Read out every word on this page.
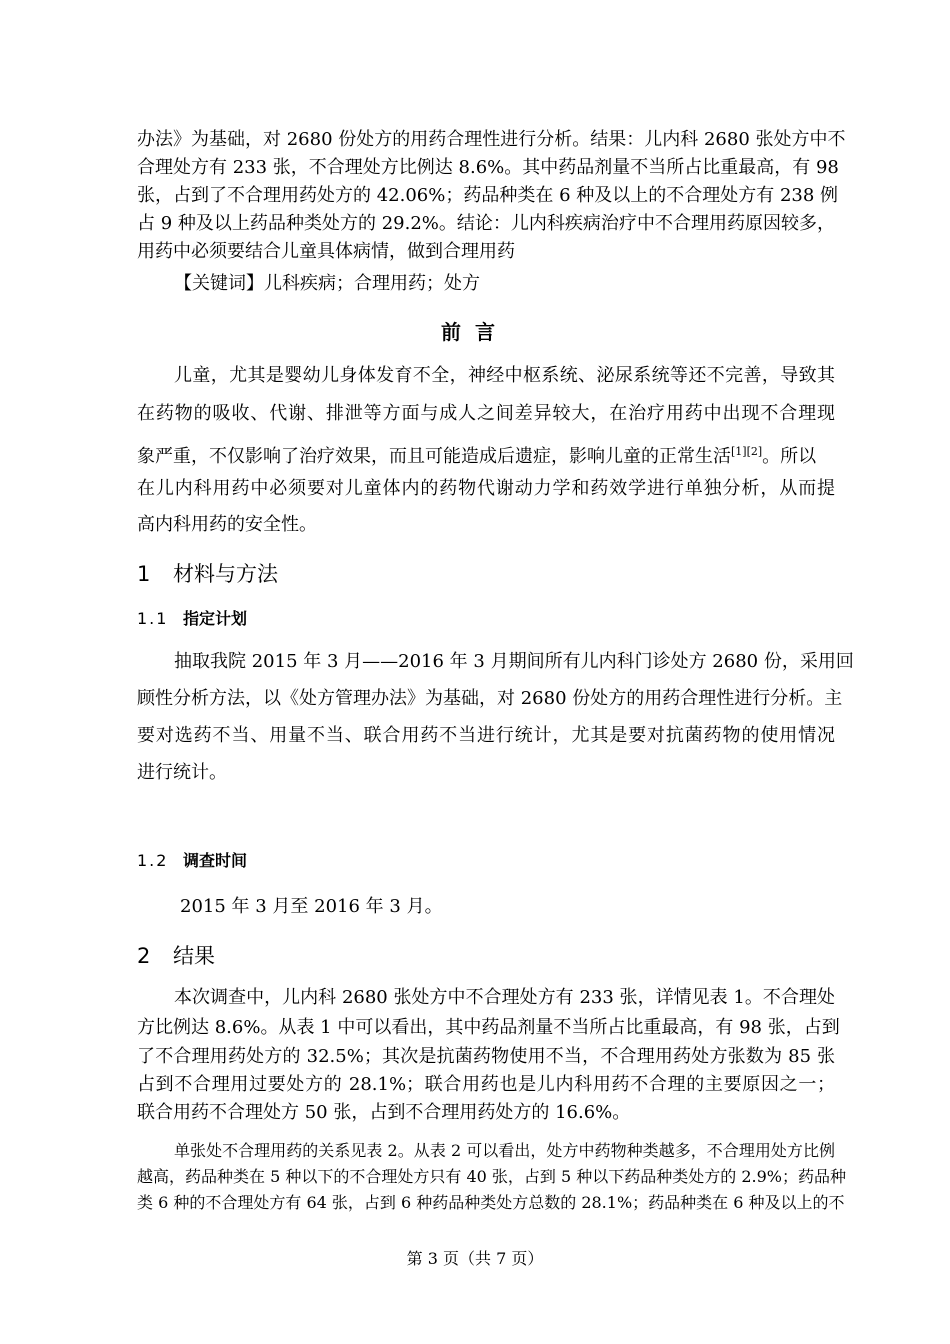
办法》为基础，对 2680 份处方的用药合理性进行分析。结果：儿内科 2680 张处方中不
合理处方有 233 张，不合理处方比例达 8.6%。其中药品剂量不当所占比重最高，有 98
张，占到了不合理用药处方的 42.06%；药品种类在 6 种及以上的不合理处方有 238 例
占 9 种及以上药品种类处方的 29.2%。结论：儿内科疾病治疗中不合理用药原因较多，
用药中必须要结合儿童具体病情，做到合理用药
【关键词】儿科疾病；合理用药；处方
前言
儿童，尤其是婴幼儿身体发育不全，神经中枢系统、泌尿系统等还不完善，导致其
在药物的吸收、代谢、排泄等方面与成人之间差异较大，在治疗用药中出现不合理现
象严重，不仅影响了治疗效果，而且可能造成后遗症，影响儿童的正常生活[1][2]。所以
在儿内科用药中必须要对儿童体内的药物代谢动力学和药效学进行单独分析，从而提
高内科用药的安全性。
1 材料与方法
1.1 指定计划
抽取我院 2015 年 3 月——2016 年 3 月期间所有儿内科门诊处方 2680 份，采用回
顾性分析方法，以《处方管理办法》为基础，对 2680 份处方的用药合理性进行分析。主
要对选药不当、用量不当、联合用药不当进行统计，尤其是要对抗菌药物的使用情况
进行统计。
1.2 调查时间
2015 年 3 月至 2016 年 3 月。
2 结果
本次调查中，儿内科 2680 张处方中不合理处方有 233 张，详情见表 1。不合理处
方比例达 8.6%。从表 1 中可以看出，其中药品剂量不当所占比重最高，有 98 张，占到
了不合理用药处方的 32.5%；其次是抗菌药物使用不当，不合理用药处方张数为 85 张
占到不合理用过要处方的 28.1%；联合用药也是儿内科用药不合理的主要原因之一；
联合用药不合理处方 50 张，占到不合理用药处方的 16.6%。
单张处不合理用药的关系见表 2。从表 2 可以看出，处方中药物种类越多，不合理用处方比例
越高，药品种类在 5 种以下的不合理处方只有 40 张，占到 5 种以下药品种类处方的 2.9%；药品种
类 6 种的不合理处方有 64 张，占到 6 种药品种类处方总数的 28.1%；药品种类在 6 种及以上的不
第 3 页（共 7 页）
